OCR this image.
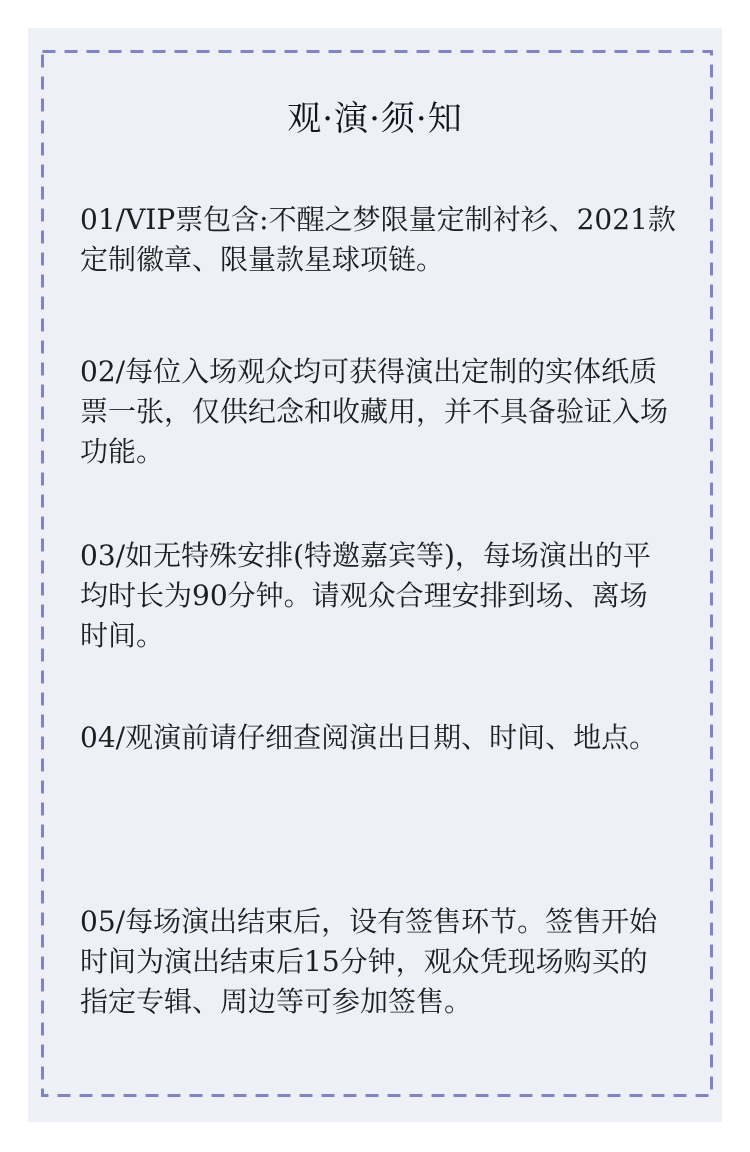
观·演·须·知
01/VIP票包含:不醒之梦限量定制衬衫、2021款
定制徽章、限量款星球项链。
02/每位入场观众均可获得演出定制的实体纸质
票一张，仅供纪念和收藏用，并不具备验证入场
功能。
03/如无特殊安排(特邀嘉宾等)，每场演出的平
均时长为90分钟。请观众合理安排到场、离场
时间。
04/观演前请仔细查阅演出日期、时间、地点。
05/每场演出结束后，设有签售环节。签售开始
时间为演出结束后15分钟，观众凭现场购买的
指定专辑、周边等可参加签售。
